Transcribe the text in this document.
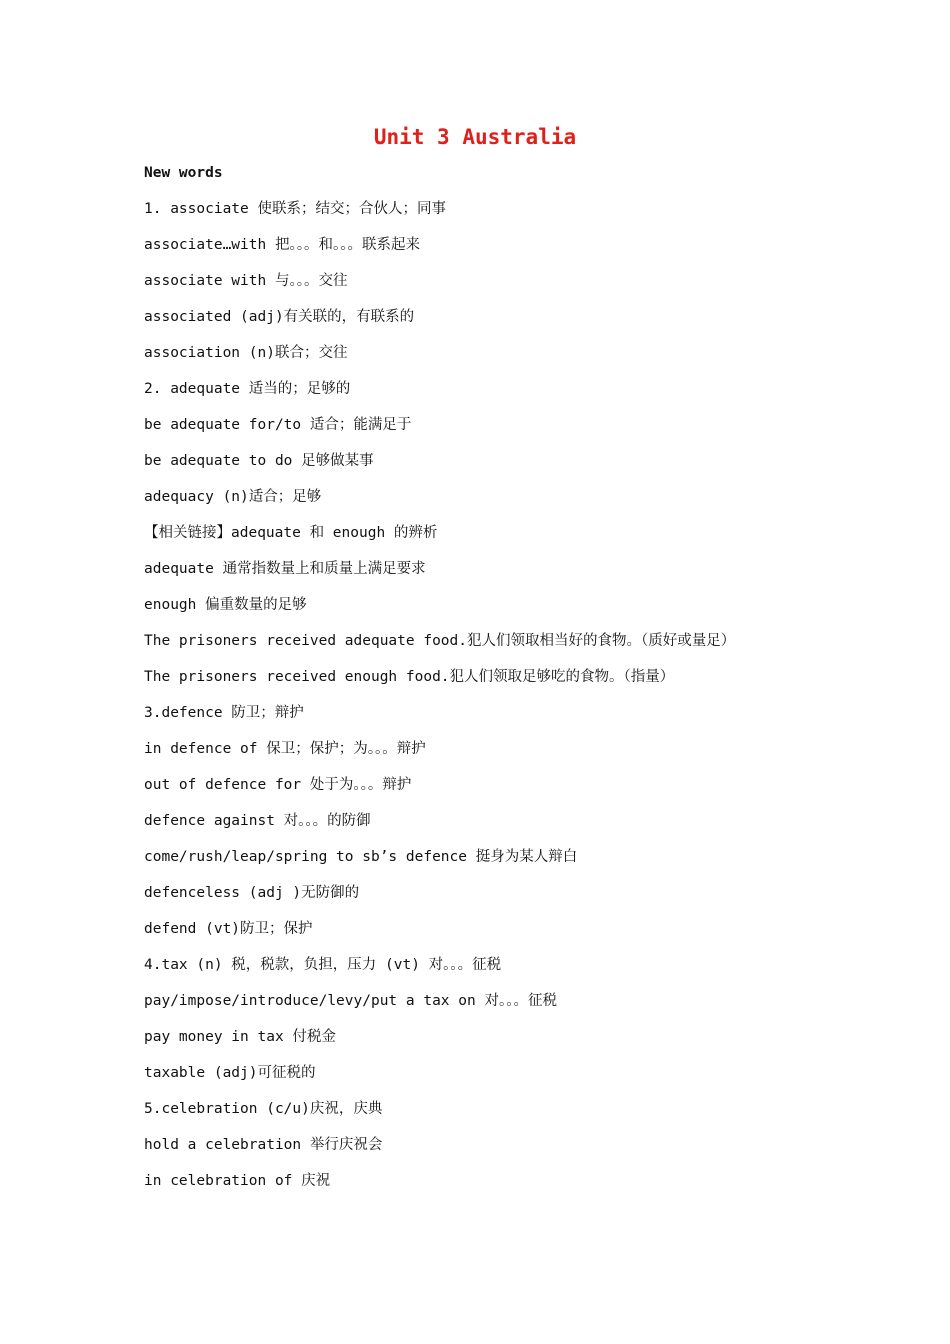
Unit 3 Australia
New words
1. associate 使联系；结交；合伙人；同事
associate…with 把。。。和。。。联系起来
associate with 与。。。交往
associated (adj)有关联的，有联系的
association (n)联合；交往
2. adequate 适当的；足够的
be adequate for/to 适合；能满足于
be adequate to do 足够做某事
adequacy (n)适合；足够
【相关链接】adequate 和 enough 的辨析
adequate 通常指数量上和质量上满足要求
enough 偏重数量的足够
The prisoners received adequate food.犯人们领取相当好的食物。（质好或量足）
The prisoners received enough food.犯人们领取足够吃的食物。（指量）
3.defence 防卫；辩护
in defence of 保卫；保护；为。。。辩护
out of defence for 处于为。。。辩护
defence against 对。。。的防御
come/rush/leap/spring to sb’s defence 挺身为某人辩白
defenceless (adj )无防御的
defend (vt)防卫；保护
4.tax (n) 税，税款，负担，压力 (vt) 对。。。征税
pay/impose/introduce/levy/put a tax on 对。。。征税
pay money in tax 付税金
taxable (adj)可征税的
5.celebration (c/u)庆祝，庆典
hold a celebration 举行庆祝会
in celebration of 庆祝
